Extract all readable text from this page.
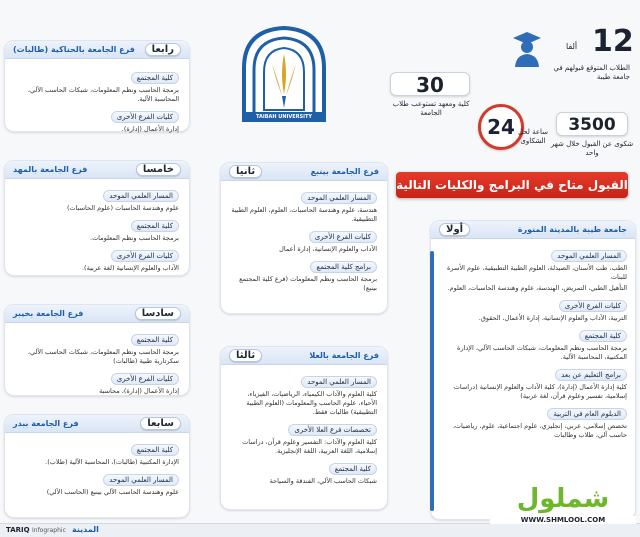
12
ألفا
الطلاب المتوقع قبولهم في جامعة طيبة
30
كلية ومعهد تستوعب طلاب الجامعة
24 ساعة لحل الشكاوى
3500
شكوى عن القبول خلال شهر واحد
TAIBAH UNIVERSITY
القبول متاح في البرامج والكليات التالية
رابعا
فرع الجامعة بالحناكية (طالبات)
كلية المجتمع
برمجة الحاسب ونظم المعلومات، شبكات الحاسب الآلي، المحاسبة الآلية.
كليات الفرع الأخرى
إدارة الأعمال (إدارة).
خامسا
فرع الجامعة بالمهد
المسار العلمي الموحد
علوم وهندسة الحاسبات (علوم الحاسبات)
كلية المجتمع
برمجة الحاسب ونظم المعلومات.
كليات الفرع الأخرى
الآداب والعلوم الإنسانية (لغة عربية).
سادسا
فرع الجامعة بخيبر
كلية المجتمع
برمجة الحاسب ونظم المعلومات، شبكات الحاسب الآلي، سكرتارية طبية (طالبات)
كليات الفرع الأخرى
إدارة الأعمال (إدارة)، محاسبة
سابعا
فرع الجامعة ببدر
كلية المجتمع
الإدارة المكتبية (طالبات)، المحاسبة الآلية (طلاب).
المسار العلمي الموحد
علوم وهندسة الحاسب الآلي بينبع (الحاسب الآلي)
فرع الجامعة بينبع
ثانيا
المسار العلمي الموحد
هندسة، علوم وهندسة الحاسبات، العلوم، العلوم الطبية التطبيقية.
كليات الفرع الأخرى
الآداب والعلوم الإنسانية، إدارة أعمال
برامج كلية المجتمع
برمجة الحاسب ونظم المعلومات (فرع كلية المجتمع بينبع)
فرع الجامعة بالعلا
ثالثا
المسار العلمي الموحد
كلية العلوم والآداب الكيمياء، الرياضيات، الفيزياء، الأحياء، علوم الحاسب والمعلومات (العلوم الطبية التطبيقية) طالبات فقط.
تخصصات فرع العلا الأخرى
كلية العلوم والآداب: التفسير وعلوم قرآن، دراسات إسلامية، اللغة العربية، اللغة الإنجليزية.
كلية المجتمع
شبكات الحاسب الآلي، الفندقة والسياحة
جامعة طيبة بالمدينة المنورة
أولا
المسار العلمي الموحد
الطب، طب الأسنان، الصيدلة، العلوم الطبية التطبيقية، علوم الأسرة للبنات
التأهيل الطبي، التمريض، الهندسة، علوم وهندسة الحاسبات، العلوم.
كليات الفرع الأخرى
التربية، الآداب والعلوم الإنسانية، إدارة الأعمال، الحقوق.
كلية المجتمع
برمجة الحاسب ونظم المعلومات، شبكات الحاسب الآلي، الإدارة المكتبية، المحاسبة الآلية.
برامج التعليم عن بعد
كلية إدارة الأعمال (إدارة)، كلية الآداب والعلوم الإنسانية (دراسات إسلامية، تفسير وعلوم قرآن، لغة عربية)
الدبلوم العام في التربية
تخصص إسلامي، عربي، إنجليزي، علوم اجتماعية، علوم، رياضيات، حاسب آلي، طلاب وطالبات
TARIQ Infographic المدينة
شملول
WWW.SHMLOOL.COM
